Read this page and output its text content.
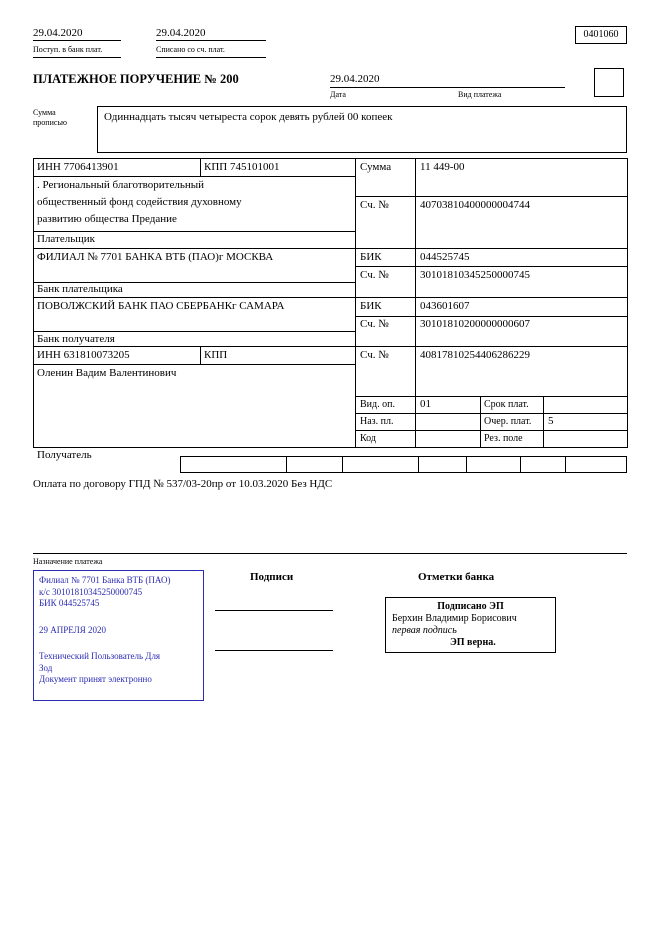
29.04.2020
Поступ. в банк плат.
29.04.2020
Списано со сч. плат.
0401060
ПЛАТЕЖНОЕ ПОРУЧЕНИЕ № 200	29.04.2020
Дата	Вид платежа
Сумма прописью	Одиннадцать тысяч четыреста сорок девять рублей 00 копеек
ИНН 7706413901	КПП 745101001	Сумма	11 449-00
. Региональный благотворительный
общественный фонд содействия духовному
развитию общества Предание
Сч. №	40703810400000004744
Плательщик
ФИЛИАЛ № 7701 БАНКА ВТБ (ПАО)г МОСКВА	БИК	044525745
Сч. №	30101810345250000745
Банк плательщика
ПОВОЛЖСКИЙ БАНК ПАО СБЕРБАНКг САМАРА	БИК	043601607
Сч. №	30101810200000000607
Банк получателя
ИНН 631810073205	КПП	Сч. №	40817810254406286229
Оленин Вадим Валентинович
Вид. оп. 01	Срок плат.
Наз. пл.	Очер. плат. 5
Код	Рез. поле
Получатель
Оплата по договору ГПД № 537/03-20пр от 10.03.2020 Без НДС
Назначение платежа
Филиал № 7701 Банка ВТБ (ПАО)
к/с 30101810345250000745
БИК 044525745
29 АПРЕЛЯ 2020
Технический Пользователь Для
Зод
Документ принят электронно
Подписи	Отметки банка
Подписано ЭП
Берхин Владимир Борисович
первая подпись
ЭП верна.
